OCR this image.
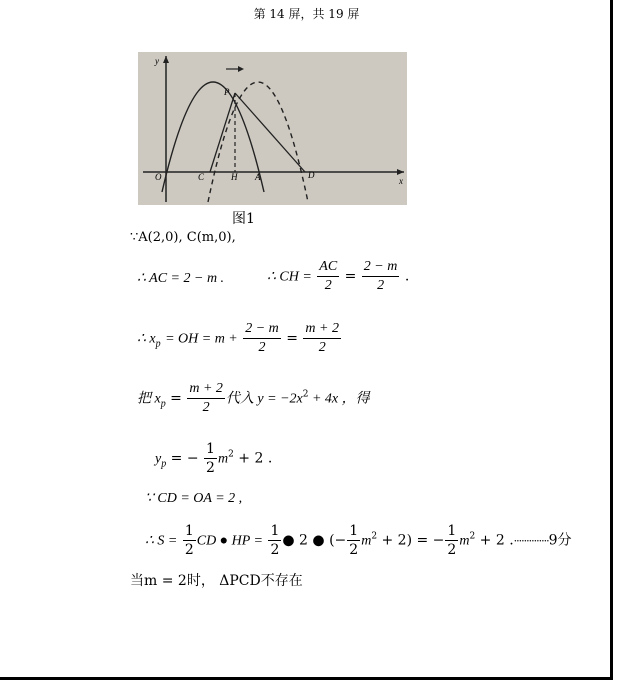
第 14 屏，共 19 屏
y
x
O	C	H A	D
P
图1
∵A(2,0), C(m,0),
∴ AC = 2 − m .	∴ CH = $\frac{AC}{2} = \frac{2 - m}{2}$ .
∴ $x_p$ = OH = $m + \frac{2 - m}{2} = \frac{m + 2}{2}$
把 $x_p = \frac{m + 2}{2}$ 代入 $y = -2x^2 + 4x$ ，得
$y_p$ = − $\frac{1}{2} m^2 + 2$ .
∵ CD = OA = 2 ,
∴ $S = \frac{1}{2}$ CD ● HP = $\frac{1}{2}$ ● 2 ● (− $\frac{1}{2} m^2 + 2$) = − $\frac{1}{2} m^2 + 2$ .··············9分
当m = 2时， ΔPCD不存在
